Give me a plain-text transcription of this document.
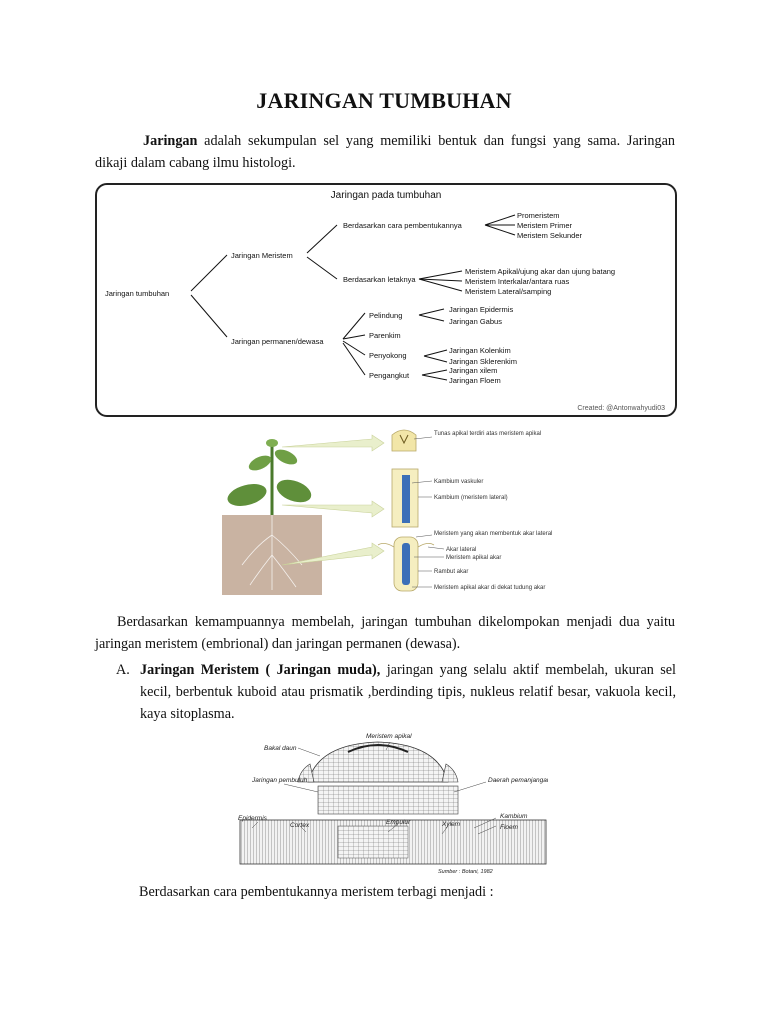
JARINGAN TUMBUHAN
Jaringan adalah sekumpulan sel yang memiliki bentuk dan fungsi yang sama. Jaringan dikaji dalam cabang ilmu histologi.
Jaringan pada tumbuhan
Jaringan tumbuhan
Jaringan Meristem
Berdasarkan cara pembentukannya
Promeristem
Meristem Primer
Meristem Sekunder
Berdasarkan letaknya
Meristem Apikal/ujung akar dan ujung batang
Meristem Interkalar/antara ruas
Meristem Lateral/samping
Jaringan permanen/dewasa
Pelindung
Jaringan Epidermis
Jaringan Gabus
Parenkim
Penyokong
Jaringan Kolenkim
Jaringan Sklerenkim
Pengangkut
Jaringan xilem
Jaringan Floem
Created: @Antonwahyudi03
Tunas apikal terdiri atas meristem apikal
Kambium vaskuler
Kambium (meristem lateral)
Meristem yang akan membentuk akar lateral
Akar lateral
Meristem apikal akar
Rambut akar
Meristem apikal akar di dekat tudung akar
Berdasarkan kemampuannya membelah, jaringan tumbuhan dikelompokan menjadi dua yaitu jaringan meristem (embrional) dan jaringan permanen (dewasa).
A. Jaringan Meristem ( Jaringan muda), jaringan yang selalu aktif membelah, ukuran sel kecil, berbentuk kuboid atau prismatik ,berdinding tipis, nukleus relatif besar, vakuola kecil, kaya sitoplasma.
Meristem apikal
Bakal daun
Jaringan pembuluh	Daerah pemanjangan
Epidermis
Cortex	Empulur	Xylem
Kambium
Floem
Sumber : Botani, 1982
Berdasarkan cara pembentukannya meristem terbagi menjadi :
